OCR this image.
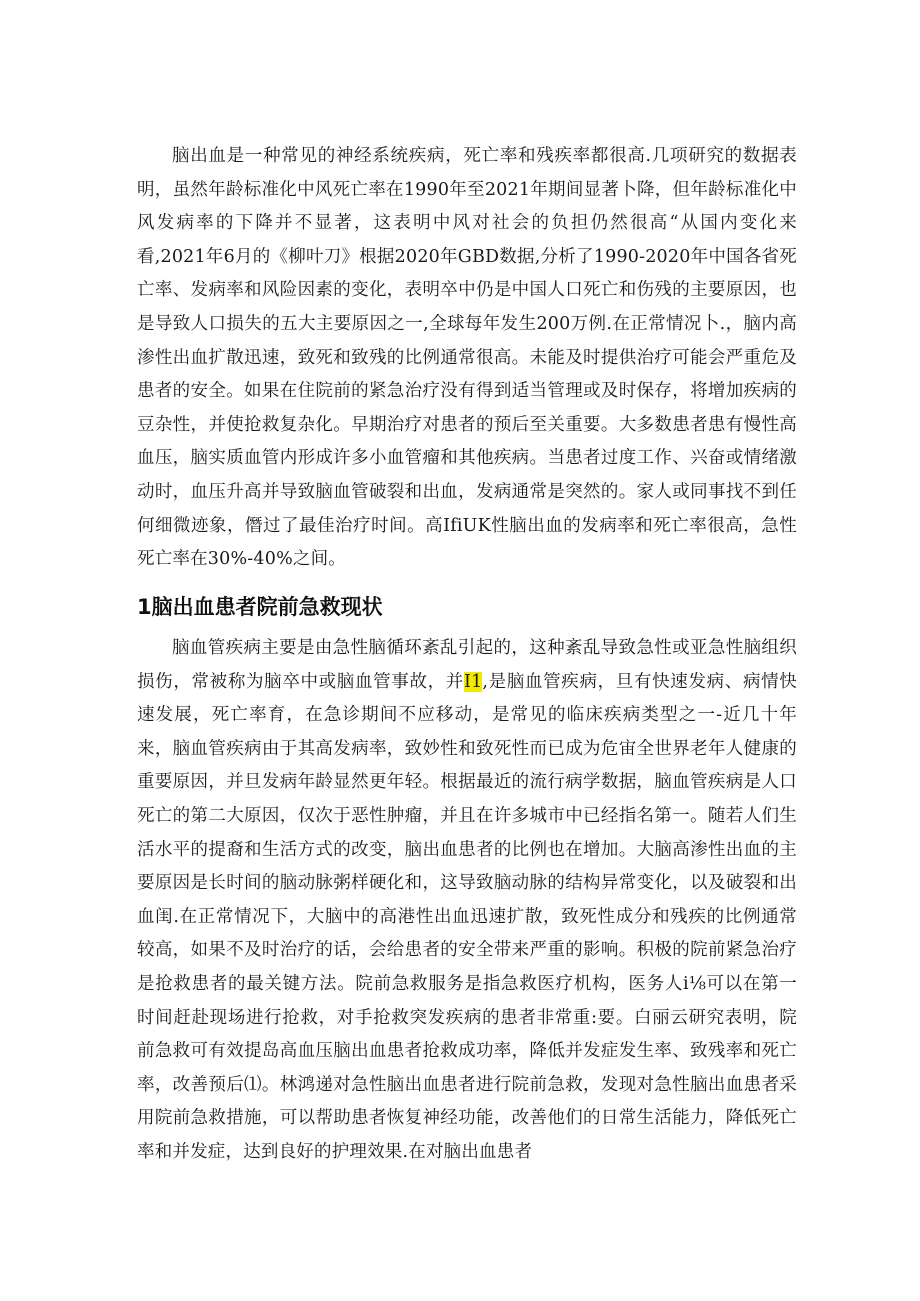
脑出血是一种常见的神经系统疾病，死亡率和残疾率都很高.几项研究的数据表明，虽然年龄标准化中风死亡率在1990年至2021年期间显著卜降，但年龄标准化中风发病率的下降并不显著，这表明中风对社会的负担仍然很高“从国内变化来看,2021年6月的《柳叶刀》根据2020年GBD数据,分析了1990-2020年中国各省死亡率、发病率和风险因素的变化，表明卒中仍是中国人口死亡和伤残的主要原因，也是导致人口损失的五大主要原因之一,全球每年发生200万例.在正常情况卜.，脑内高渗性出血扩散迅速，致死和致残的比例通常很高。未能及时提供治疗可能会严重危及患者的安全。如果在住院前的紧急治疗没有得到适当管理或及时保存，将增加疾病的豆杂性，并使抢救复杂化。早期治疗对患者的预后至关重要。大多数患者患有慢性高血压，脑实质血管内形成许多小血管瘤和其他疾病。当患者过度工作、兴奋或情绪激动时，血压升高并导致脑血管破裂和出血，发病通常是突然的。家人或同事找不到任何细微迹象，僭过了最佳治疗时间。高IfiUK性脑出血的发病率和死亡率很高，急性死亡率在30%-40%之间。

1脑出血患者院前急救现状

脑血管疾病主要是由急性脑循环紊乱引起的，这种紊乱导致急性或亚急性脑组织损伤，常被称为脑卒中或脑血管事故，并I1,是脑血管疾病，旦有快速发病、病情快速发展，死亡率育，在急诊期间不应移动，是常见的临床疾病类型之一-近几十年来，脑血管疾病由于其高发病率，致妙性和致死性而已成为危宙全世界老年人健康的重要原因，并旦发病年龄显然更年轻。根据最近的流行病学数据，脑血管疾病是人口死亡的第二大原因，仅次于恶性肿瘤，并且在许多城市中已经指名第一。随若人们生活水平的提裔和生活方式的改变，脑出血患者的比例也在增加。大脑高渗性出血的主要原因是长时间的脑动脉粥样硬化和，这导致脑动脉的结构异常变化，以及破裂和出血闺.在正常情况下，大脑中的高港性出血迅速扩散，致死性成分和残疾的比例通常较高，如果不及时治疗的话，会给患者的安全带来严重的影响。积极的院前紧急治疗是抢救患者的最关键方法。院前急救服务是指急救医疗机构，医务人i⅛可以在第一时间赶赴现场进行抢救，对手抢救突发疾病的患者非常重:要。白丽云研究表明，院前急救可有效提岛高血压脑出血患者抢救成功率，降低并发症发生率、致残率和死亡率，改善预后⑴。林鸿递对急性脑出血患者进行院前急救，发现对急性脑出血患者采用院前急救措施，可以帮助患者恢复神经功能，改善他们的日常生活能力，降低死亡率和并发症，达到良好的护理效果.在对脑出血患者
